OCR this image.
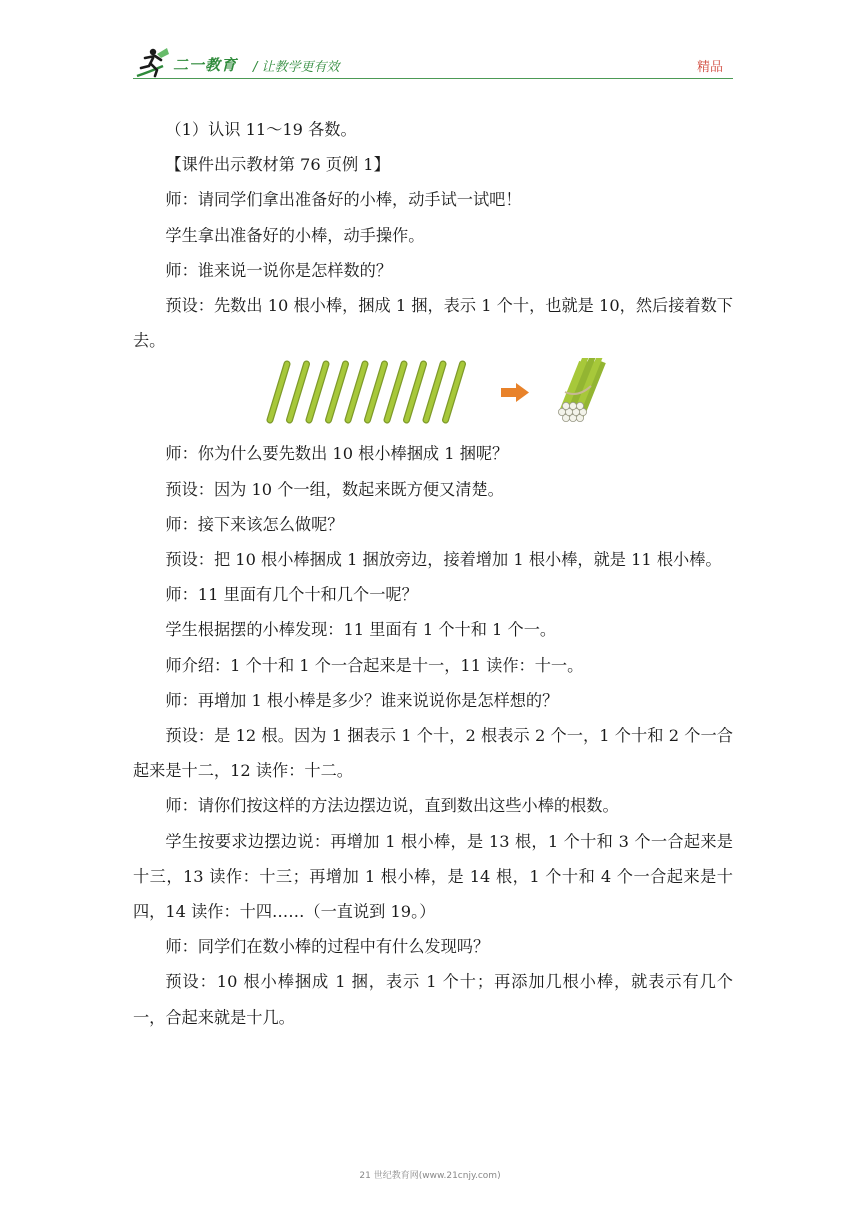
二一教育 / 让教学更有效	精品

（1）认识 11～19 各数。

【课件出示教材第 76 页例 1】

师：请同学们拿出准备好的小棒，动手试一试吧！

学生拿出准备好的小棒，动手操作。

师：谁来说一说你是怎样数的？

预设：先数出 10 根小棒，捆成 1 捆，表示 1 个十，也就是 10，然后接着数下去。

师：你为什么要先数出 10 根小棒捆成 1 捆呢？

预设：因为 10 个一组，数起来既方便又清楚。

师：接下来该怎么做呢？

预设：把 10 根小棒捆成 1 捆放旁边，接着增加 1 根小棒，就是 11 根小棒。

师：11 里面有几个十和几个一呢？

学生根据摆的小棒发现：11 里面有 1 个十和 1 个一。

师介绍：1 个十和 1 个一合起来是十一，11 读作：十一。

师：再增加 1 根小棒是多少？谁来说说你是怎样想的？

预设：是 12 根。因为 1 捆表示 1 个十，2 根表示 2 个一，1 个十和 2 个一合起来是十二，12 读作：十二。

师：请你们按这样的方法边摆边说，直到数出这些小棒的根数。

学生按要求边摆边说：再增加 1 根小棒，是 13 根，1 个十和 3 个一合起来是十三，13 读作：十三；再增加 1 根小棒，是 14 根，1 个十和 4 个一合起来是十四，14 读作：十四……（一直说到 19。）

师：同学们在数小棒的过程中有什么发现吗？

预设：10 根小棒捆成 1 捆，表示 1 个十；再添加几根小棒，就表示有几个一，合起来就是十几。

21 世纪教育网(www.21cnjy.com)
